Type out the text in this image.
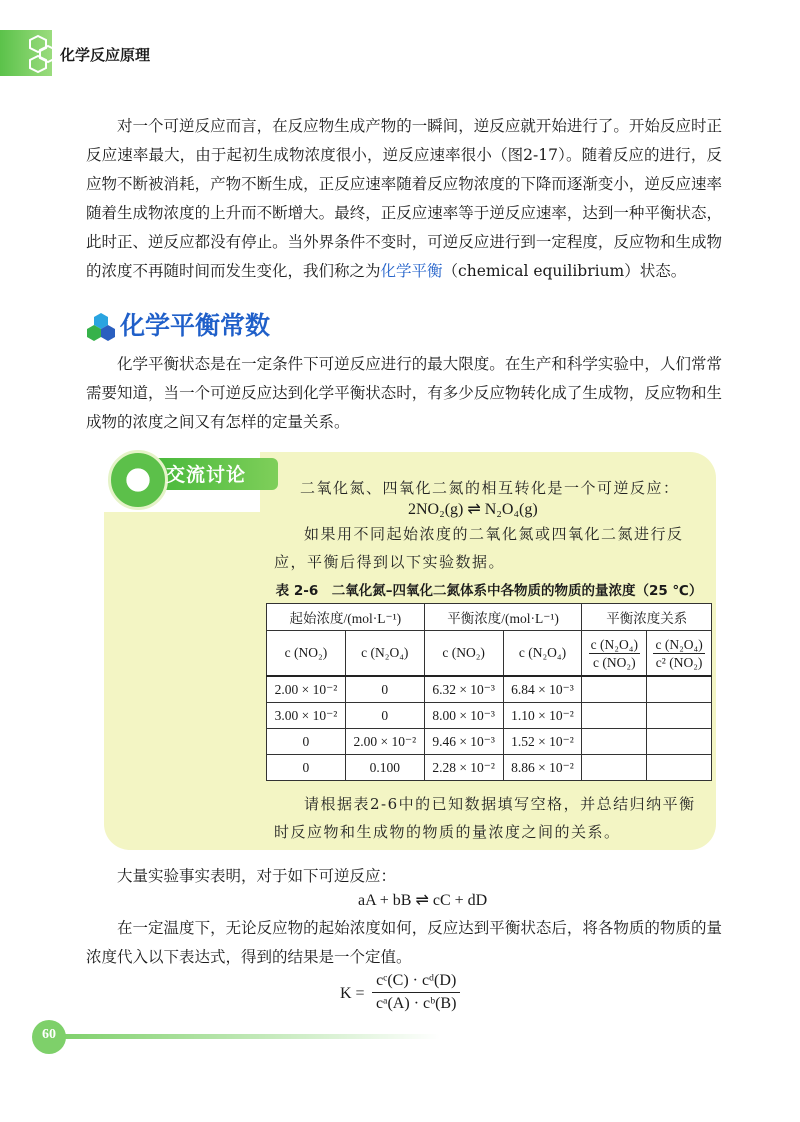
化学反应原理
对一个可逆反应而言，在反应物生成产物的一瞬间，逆反应就开始进行了。开始反应时正反应速率最大，由于起初生成物浓度很小，逆反应速率很小（图2-17）。随着反应的进行，反应物不断被消耗，产物不断生成，正反应速率随着反应物浓度的下降而逐渐变小，逆反应速率随着生成物浓度的上升而不断增大。最终，正反应速率等于逆反应速率，达到一种平衡状态，此时正、逆反应都没有停止。当外界条件不变时，可逆反应进行到一定程度，反应物和生成物的浓度不再随时间而发生变化，我们称之为化学平衡（chemical equilibrium）状态。
化学平衡常数
化学平衡状态是在一定条件下可逆反应进行的最大限度。在生产和科学实验中，人们常常需要知道，当一个可逆反应达到化学平衡状态时，有多少反应物转化成了生成物，反应物和生成物的浓度之间又有怎样的定量关系。
交流讨论
二氧化氮、四氧化二氮的相互转化是一个可逆反应：
2NO₂(g) ⇌ N₂O₄(g)
如果用不同起始浓度的二氧化氮或四氧化二氮进行反应，平衡后得到以下实验数据。
表 2-6　二氧化氮–四氧化二氮体系中各物质的物质的量浓度（25 ℃）
起始浓度/(mol·L⁻¹)		平衡浓度/(mol·L⁻¹)		平衡浓度关系	
c (NO₂)	c (N₂O₄)	c (NO₂)	c (N₂O₄)	$\frac{\text{c (N₂O₄)}}{\text{c (NO₂)}}$	$\frac{\text{c (N₂O₄)}}{\text{c² (NO₂)}}$

2.00 × 10⁻²	0	6.32 × 10⁻³	6.84 × 10⁻³		
3.00 × 10⁻²	0	8.00 × 10⁻³	1.10 × 10⁻²		
0	2.00 × 10⁻²	9.46 × 10⁻³	1.52 × 10⁻²		
0	0.100	2.28 × 10⁻²	8.86 × 10⁻²		
请根据表2-6中的已知数据填写空格，并总结归纳平衡时反应物和生成物的物质的量浓度之间的关系。
大量实验事实表明，对于如下可逆反应：
aA + bB ⇌ cC + dD
在一定温度下，无论反应物的起始浓度如何，反应达到平衡状态后，将各物质的物质的量浓度代入以下表达式，得到的结果是一个定值。
$K = \frac{\text{cᶜ(C) · cᵈ(D)}}{\text{cᵃ(A) · cᵇ(B)}}$
60
